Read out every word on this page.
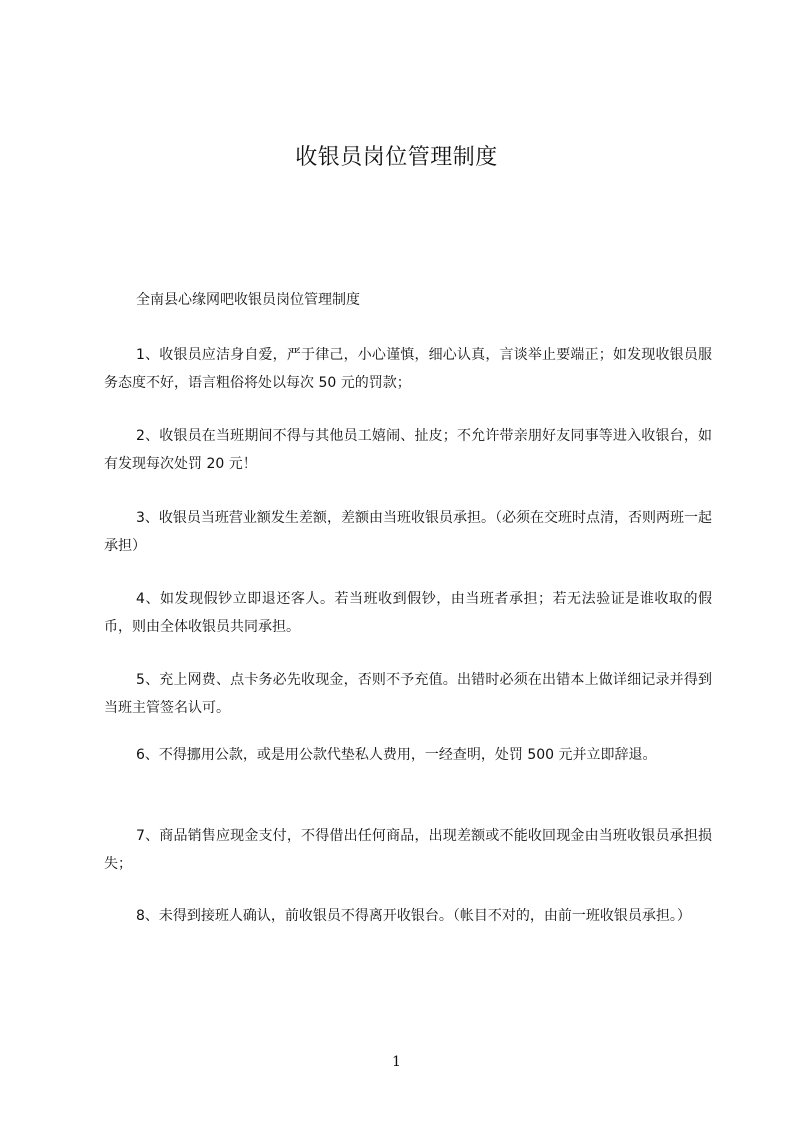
收银员岗位管理制度
全南县心缘网吧收银员岗位管理制度
1、收银员应洁身自爱，严于律己，小心谨慎，细心认真，言谈举止要端正；如发现收银员服务态度不好，语言粗俗将处以每次 50 元的罚款；
2、收银员在当班期间不得与其他员工嬉闹、扯皮；不允许带亲朋好友同事等进入收银台，如有发现每次处罚 20 元！
3、收银员当班营业额发生差额，差额由当班收银员承担。（必须在交班时点清，否则两班一起承担）
4、如发现假钞立即退还客人。若当班收到假钞，由当班者承担；若无法验证是谁收取的假币，则由全体收银员共同承担。
5、充上网费、点卡务必先收现金，否则不予充值。出错时必须在出错本上做详细记录并得到当班主管签名认可。
6、不得挪用公款，或是用公款代垫私人费用，一经查明，处罚 500 元并立即辞退。
7、商品销售应现金支付，不得借出任何商品，出现差额或不能收回现金由当班收银员承担损失；
8、未得到接班人确认，前收银员不得离开收银台。（帐目不对的，由前一班收银员承担。）
1
